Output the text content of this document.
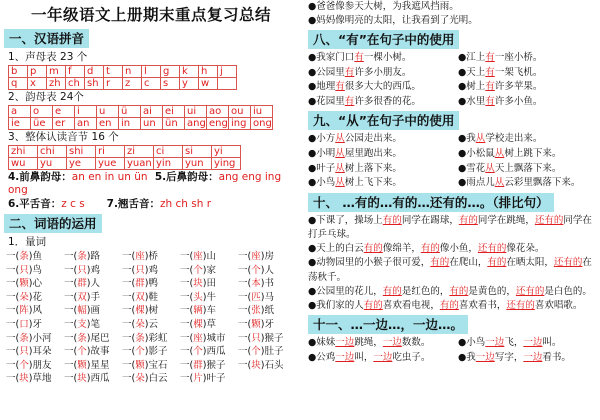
一年级语文上册期末重点复习总结
一、汉语拼音
1、声母表 23 个
b	p	m	f	d	t	n	l	g	k	h	j
q	x	zh	ch	sh	r	z	c	s	y	w	
2、韵母表 24个
a	o	e	i	u	ü	ai	ei	ui	ao	ou	iu
ie	üe	er	an	en	in	un	ün	ang	eng	ing	ong
3、整体认读音节 16 个
zhi	chi	shi	ri	zi	ci	si	yi
wu	yu	ye	yue	yuan	yin	yun	ying
4.前鼻韵母：an en in un ün 5.后鼻韵母：ang eng ing ong
6.平舌音：z c s 7.翘舌音：zh ch sh r
二、词语的运用
1．量词
一(条)鱼	一(条)路	一(座)桥	一(座)山	一(座)房
一(只)鸟	一(只)鸡	一(只)鸡	一(个)家	一(个)人
一(颗)心	一(群)人	一(群)鸭	一(块)田	一(本)书
一(朵)花	一(双)手	一(双)鞋	一(头)牛	一(匹)马
一(阵)风	一(幅)画	一(棵)树	一(辆)车	一(张)纸
一(口)牙	一(支)笔	一(朵)云	一(棵)草	一(颗)牙
一(条)小河	一(条)尾巴	一(条)彩虹	一(座)城市	一(只)猴子
一(只)耳朵	一(个)故事	一(个)影子	一(个)西瓜	一(个)肚子
一(个)朋友	一(颗)星星	一(颗)宝石	一(群)猴子	一(块)石头
一(块)草地	一(块)西瓜	一(朵)白云	一(片)叶子
●爸爸像参天大树，为我遮风挡雨。
●妈妈像明亮的太阳，让我看到了光明。
八、“有”在句子中的使用
●我家门口有一棵小树。	●江上有一座小桥。
●公园里有许多小朋友。	●天上有一架飞机。
●地理有很多大大的西瓜。	●树上有许多苹果。
●花园里有许多很香的花。	●水里有许多小鱼。
九、“从”在句子中的使用
●小方从公园走出来。	●我从学校走出来。
●小明从屋里跑出来。	●小松鼠从树上跳下来。
●叶子从树上落下来。	●雪花从天上飘落下来。
●小鸟从树上飞下来。	●雨点儿从云彩里飘落下来。
十、 …有的…有的…还有的…。（排比句）
●下课了，操场上有的同学在踢球，有的同学在跳绳，还有的同学在打乒乓球。
●天上的白云有的像绵羊，有的像小鱼，还有的像花朵。
●动物园里的小猴子很可爱，有的在爬山，有的在晒太阳，还有的在荡秋千。
●公园里的花儿，有的是红色的，有的是黄色的，还有的是白色的。
●我们家的人有的喜欢看电视，有的喜欢看书，还有的喜欢唱歌。
十一、…一边…，一边…。
●妹妹一边跳绳，一边数数。	●小鸟一边飞，一边叫。
●公鸡一边叫，一边吃虫子。	●我一边写字，一边看书。
